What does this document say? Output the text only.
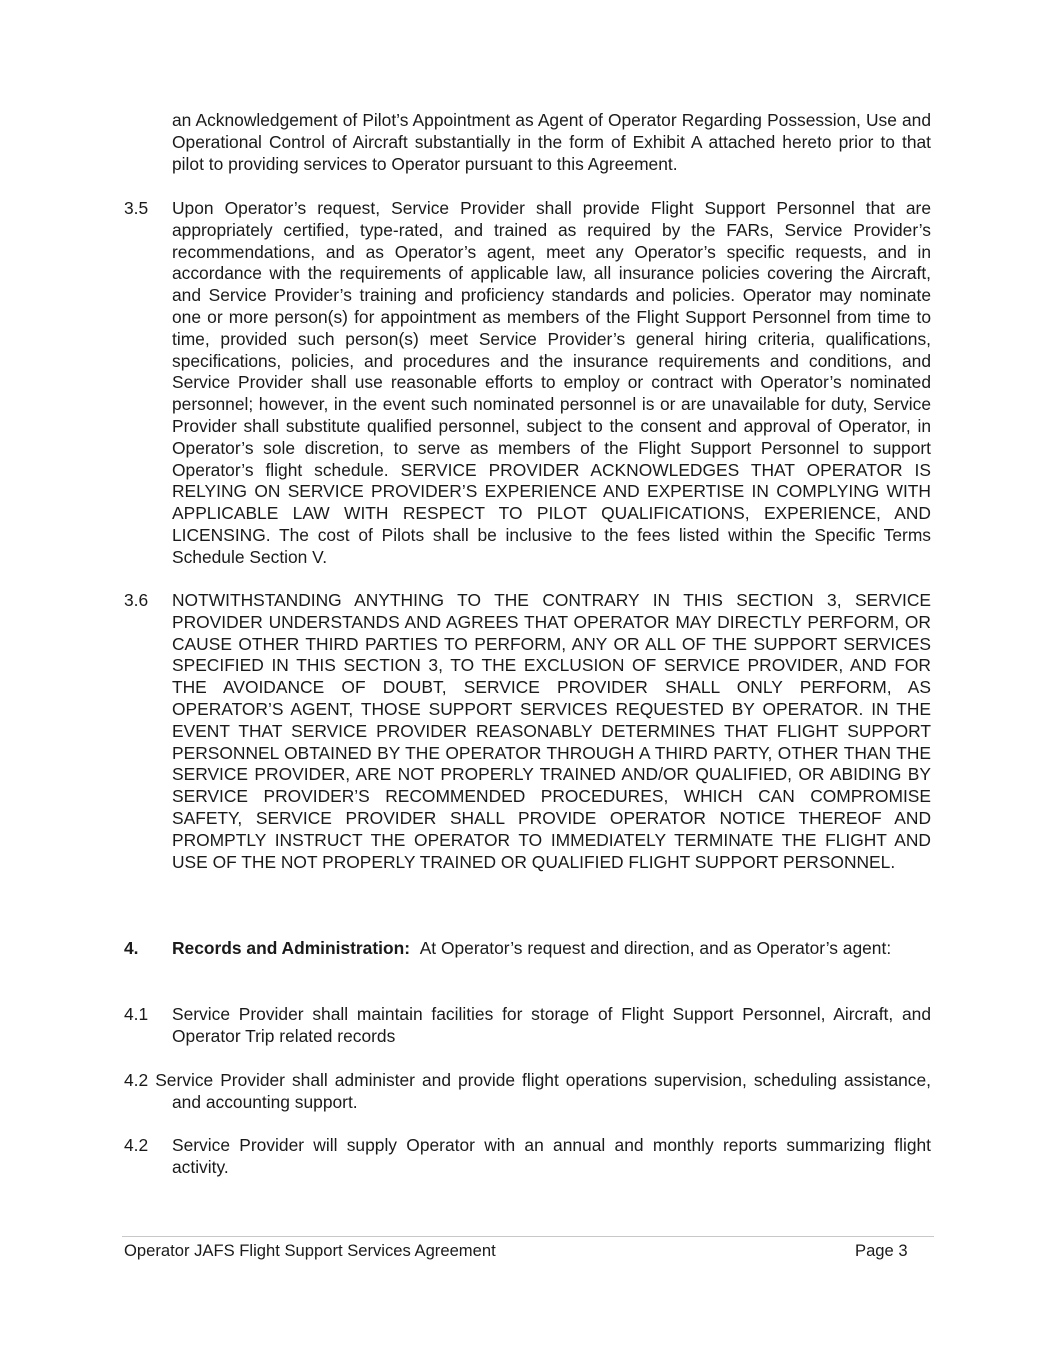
an Acknowledgement of Pilot’s Appointment as Agent of Operator Regarding Possession, Use and Operational Control of Aircraft substantially in the form of Exhibit A attached hereto prior to that pilot to providing services to Operator pursuant to this Agreement.
3.5 Upon Operator’s request, Service Provider shall provide Flight Support Personnel that are appropriately certified, type-rated, and trained as required by the FARs, Service Provider’s recommendations, and as Operator’s agent, meet any Operator’s specific requests, and in accordance with the requirements of applicable law, all insurance policies covering the Aircraft, and Service Provider’s training and proficiency standards and policies. Operator may nominate one or more person(s) for appointment as members of the Flight Support Personnel from time to time, provided such person(s) meet Service Provider’s general hiring criteria, qualifications, specifications, policies, and procedures and the insurance requirements and conditions, and Service Provider shall use reasonable efforts to employ or contract with Operator’s nominated personnel; however, in the event such nominated personnel is or are unavailable for duty, Service Provider shall substitute qualified personnel, subject to the consent and approval of Operator, in Operator’s sole discretion, to serve as members of the Flight Support Personnel to support Operator’s flight schedule. SERVICE PROVIDER ACKNOWLEDGES THAT OPERATOR IS RELYING ON SERVICE PROVIDER’S EXPERIENCE AND EXPERTISE IN COMPLYING WITH APPLICABLE LAW WITH RESPECT TO PILOT QUALIFICATIONS, EXPERIENCE, AND LICENSING. The cost of Pilots shall be inclusive to the fees listed within the Specific Terms Schedule Section V.
3.6 NOTWITHSTANDING ANYTHING TO THE CONTRARY IN THIS SECTION 3, SERVICE PROVIDER UNDERSTANDS AND AGREES THAT OPERATOR MAY DIRECTLY PERFORM, OR CAUSE OTHER THIRD PARTIES TO PERFORM, ANY OR ALL OF THE SUPPORT SERVICES SPECIFIED IN THIS SECTION 3, TO THE EXCLUSION OF SERVICE PROVIDER, AND FOR THE AVOIDANCE OF DOUBT, SERVICE PROVIDER SHALL ONLY PERFORM, AS OPERATOR’S AGENT, THOSE SUPPORT SERVICES REQUESTED BY OPERATOR. IN THE EVENT THAT SERVICE PROVIDER REASONABLY DETERMINES THAT FLIGHT SUPPORT PERSONNEL OBTAINED BY THE OPERATOR THROUGH A THIRD PARTY, OTHER THAN THE SERVICE PROVIDER, ARE NOT PROPERLY TRAINED AND/OR QUALIFIED, OR ABIDING BY SERVICE PROVIDER’S RECOMMENDED PROCEDURES, WHICH CAN COMPROMISE SAFETY, SERVICE PROVIDER SHALL PROVIDE OPERATOR NOTICE THEREOF AND PROMPTLY INSTRUCT THE OPERATOR TO IMMEDIATELY TERMINATE THE FLIGHT AND USE OF THE NOT PROPERLY TRAINED OR QUALIFIED FLIGHT SUPPORT PERSONNEL.
4. Records and Administration: At Operator’s request and direction, and as Operator’s agent:
4.1 Service Provider shall maintain facilities for storage of Flight Support Personnel, Aircraft, and Operator Trip related records
4.2 Service Provider shall administer and provide flight operations supervision, scheduling assistance, and accounting support.
4.2 Service Provider will supply Operator with an annual and monthly reports summarizing flight activity.
Operator JAFS Flight Support Services Agreement	Page 3
